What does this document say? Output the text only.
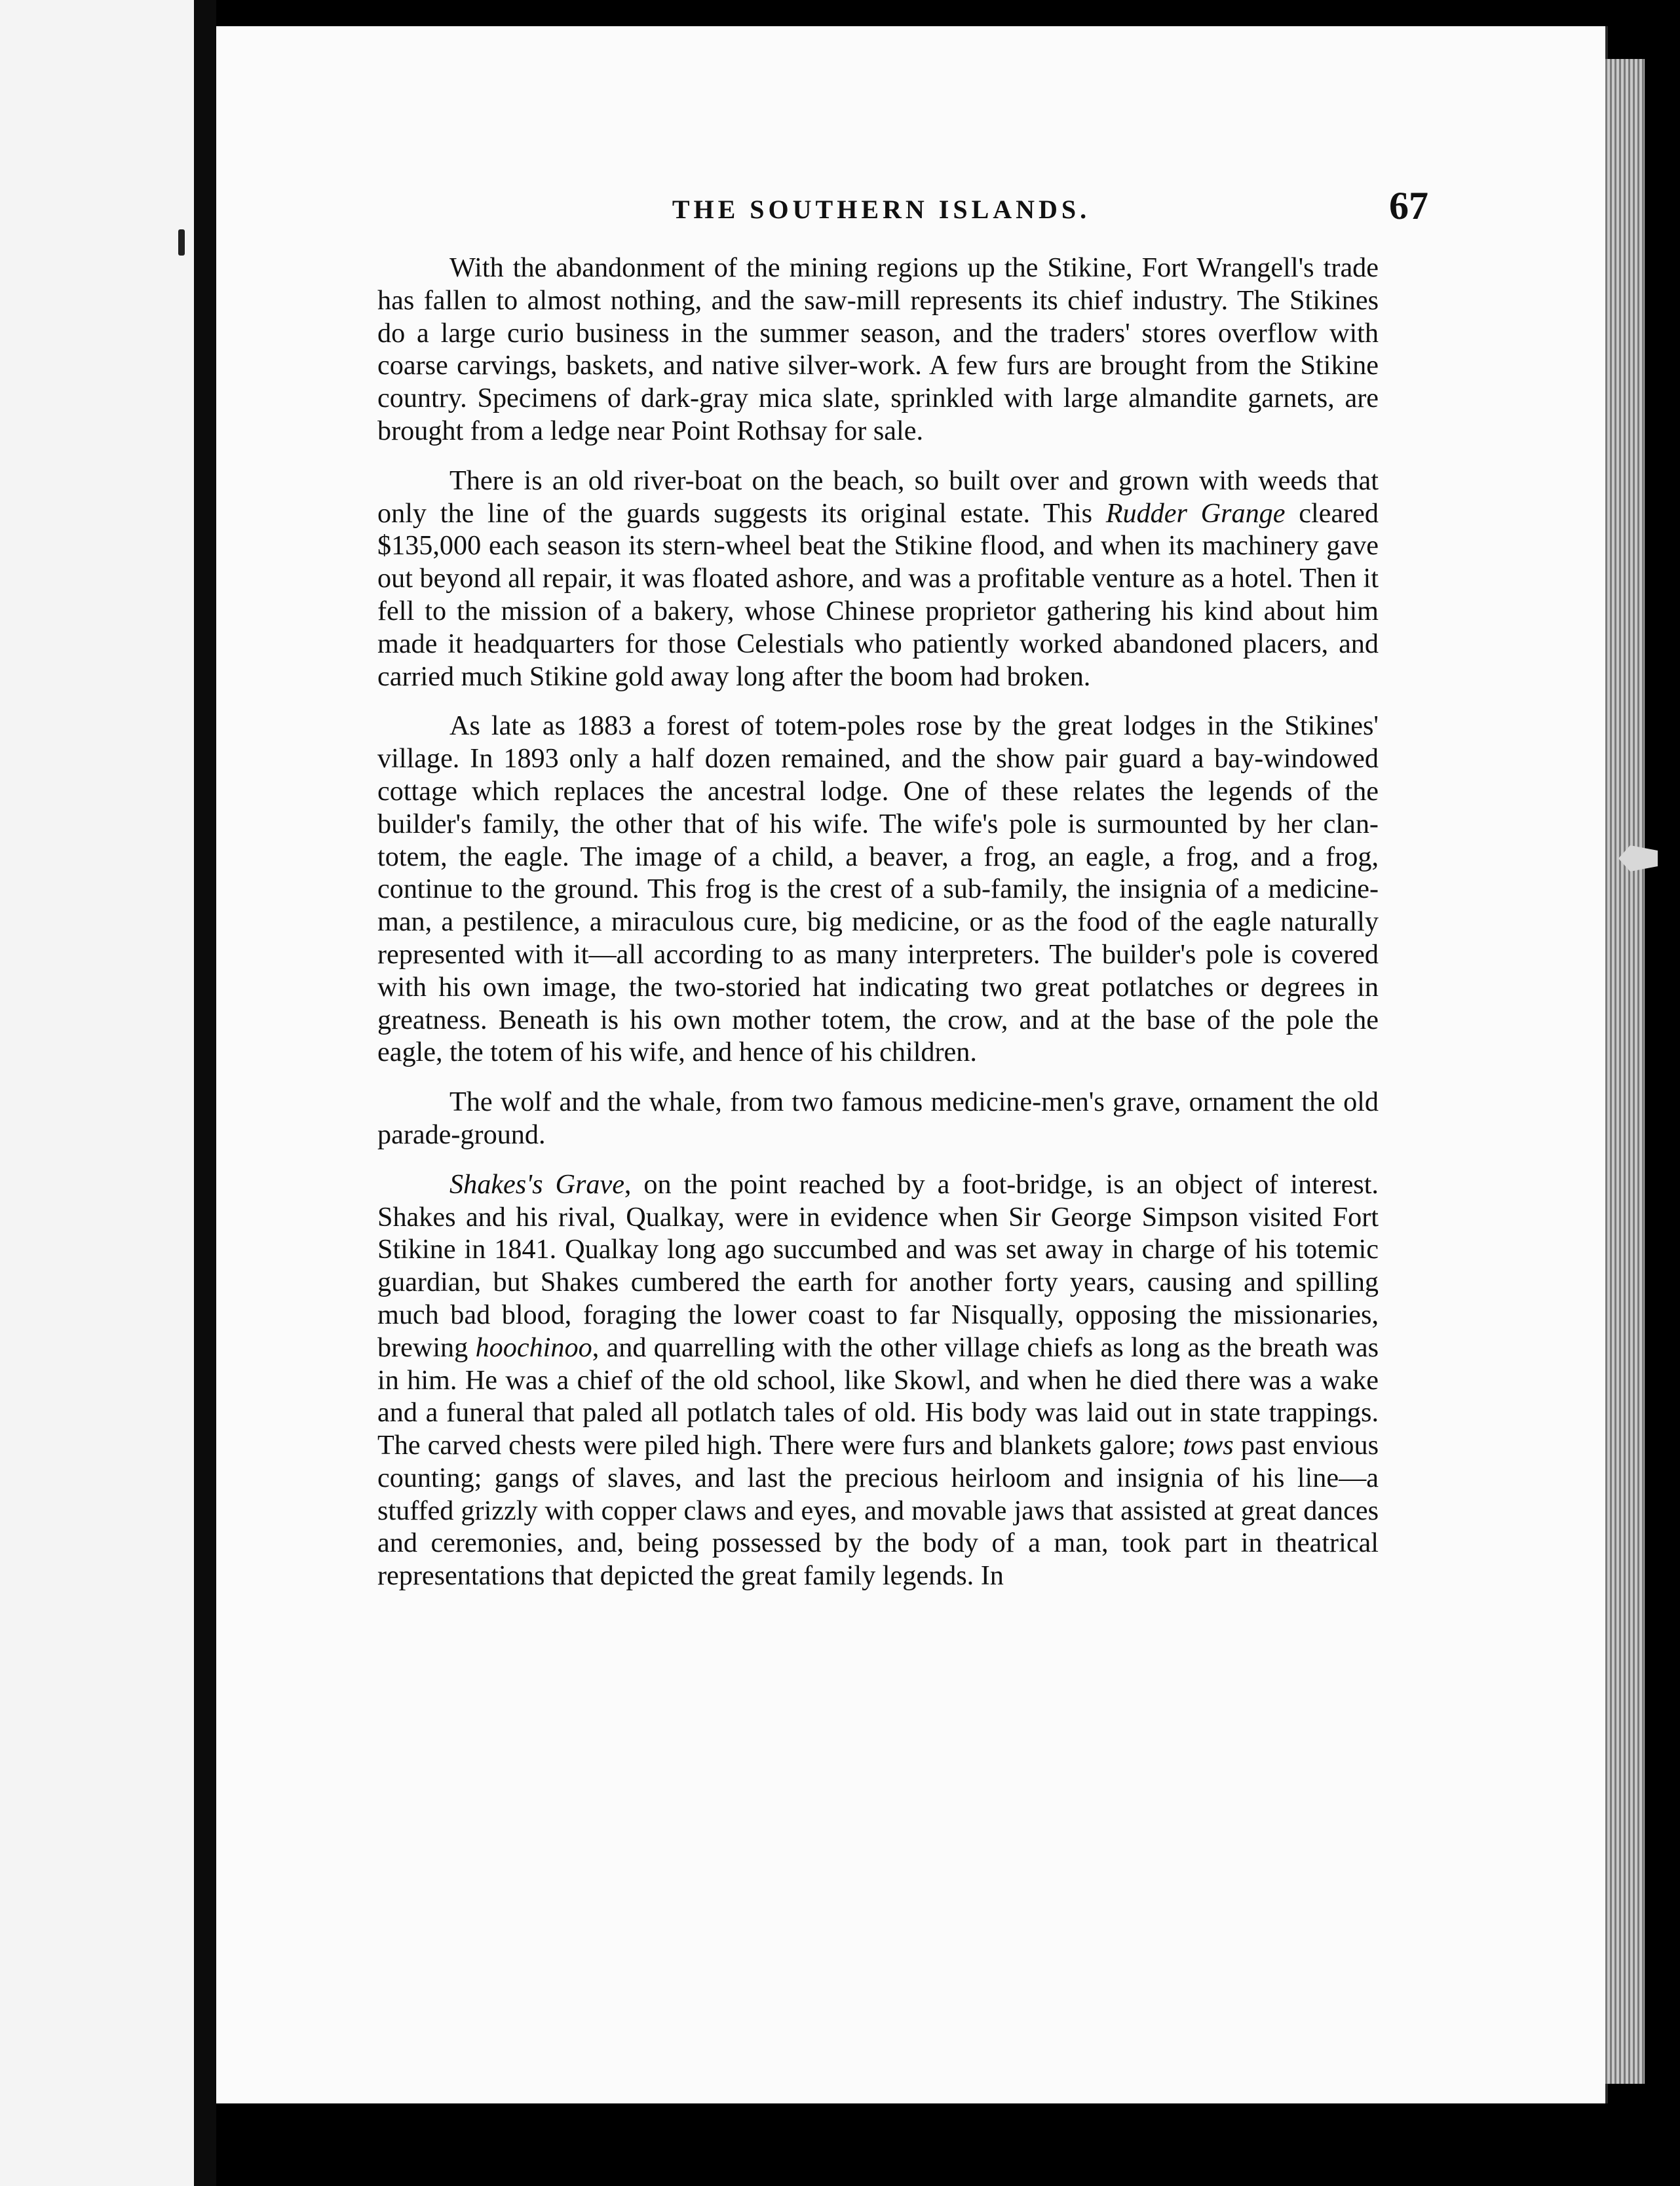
THE SOUTHERN ISLANDS.	67

With the abandonment of the mining regions up the Stikine, Fort Wrangell's trade has fallen to almost nothing, and the saw-mill represents its chief industry. The Stikines do a large curio business in the summer season, and the traders' stores overflow with coarse carvings, baskets, and native silver-work. A few furs are brought from the Stikine country. Specimens of dark-gray mica slate, sprinkled with large almandite garnets, are brought from a ledge near Point Rothsay for sale.

There is an old river-boat on the beach, so built over and grown with weeds that only the line of the guards suggests its original estate. This Rudder Grange cleared $135,000 each season its stern-wheel beat the Stikine flood, and when its machinery gave out beyond all repair, it was floated ashore, and was a profitable venture as a hotel. Then it fell to the mission of a bakery, whose Chinese proprietor gathering his kind about him made it headquarters for those Celestials who patiently worked abandoned placers, and carried much Stikine gold away long after the boom had broken.

As late as 1883 a forest of totem-poles rose by the great lodges in the Stikines' village. In 1893 only a half dozen remained, and the show pair guard a bay-windowed cottage which replaces the ancestral lodge. One of these relates the legends of the builder's family, the other that of his wife. The wife's pole is surmounted by her clan-totem, the eagle. The image of a child, a beaver, a frog, an eagle, a frog, and a frog, continue to the ground. This frog is the crest of a sub-family, the insignia of a medicine-man, a pestilence, a miraculous cure, big medicine, or as the food of the eagle naturally represented with it—all according to as many interpreters. The builder's pole is covered with his own image, the two-storied hat indicating two great potlatches or degrees in greatness. Beneath is his own mother totem, the crow, and at the base of the pole the eagle, the totem of his wife, and hence of his children.

The wolf and the whale, from two famous medicine-men's grave, ornament the old parade-ground.

Shakes's Grave, on the point reached by a foot-bridge, is an object of interest. Shakes and his rival, Qualkay, were in evidence when Sir George Simpson visited Fort Stikine in 1841. Qualkay long ago succumbed and was set away in charge of his totemic guardian, but Shakes cumbered the earth for another forty years, causing and spilling much bad blood, foraging the lower coast to far Nisqually, opposing the missionaries, brewing hoochinoo, and quarrelling with the other village chiefs as long as the breath was in him. He was a chief of the old school, like Skowl, and when he died there was a wake and a funeral that paled all potlatch tales of old. His body was laid out in state trappings. The carved chests were piled high. There were furs and blankets galore; tows past envious counting; gangs of slaves, and last the precious heirloom and insignia of his line—a stuffed grizzly with copper claws and eyes, and movable jaws that assisted at great dances and ceremonies, and, being possessed by the body of a man, took part in theatrical representations that depicted the great family legends. In
